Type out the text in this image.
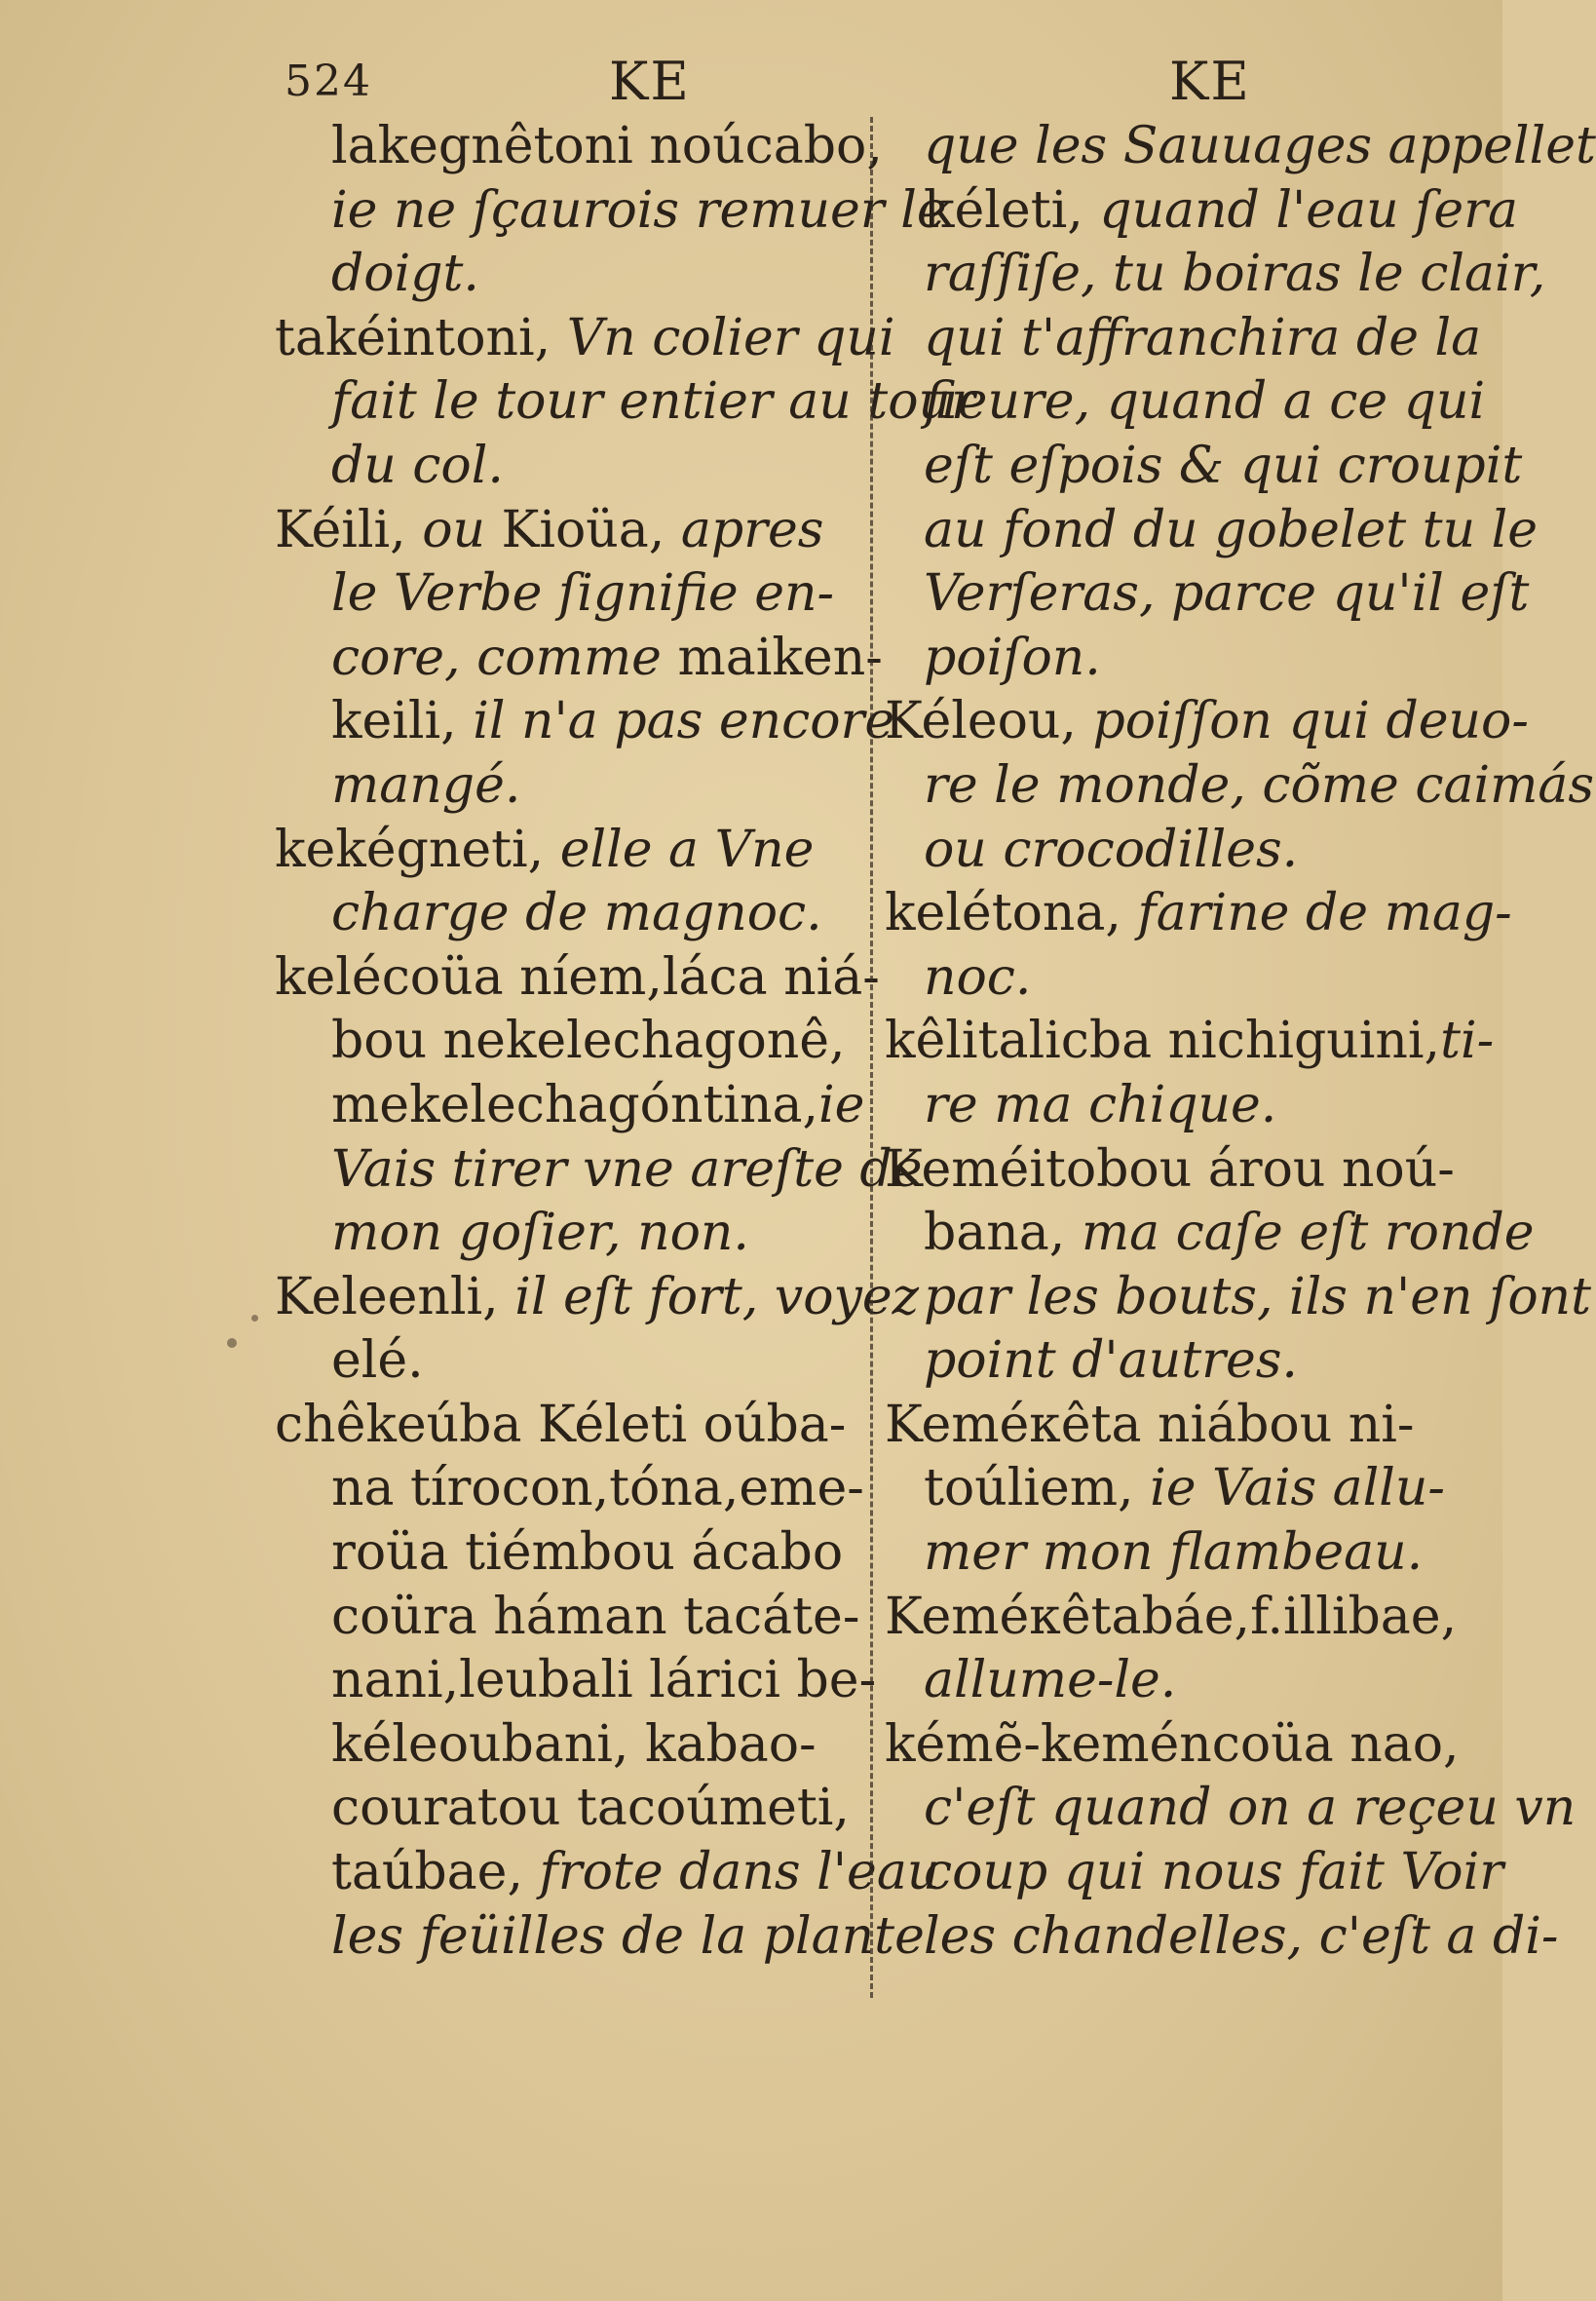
524	KE	KE
lakegnêtoni noúcabo,
ie ne ſçaurois remuer le
doigt.
takéintoni, Vn colier qui
fait le tour entier au tour
du col.
Kéili, ou Kioüa, apres
le Verbe ſignifie en-
core, comme maiken-
keili, il n'a pas encore
mangé.
kekégneti, elle a Vne
charge de magnoc.
kelécoüa níem,láca niá-
bou nekelechagonê,
mekelechagóntina,ie
Vais tirer vne areſte de
mon goſier, non.
Keleenli, il eſt fort, voyez
elé.
chêkeúba Kéleti oúba-
na tírocon,tóna,eme-
roüa tiémbou ácabo
coüra háman tacáte-
nani,leubali lárici be-
kéleoubani, kabao-
couratou tacoúmeti,
taúbae, frote dans l'eau
les feüilles de la plante
que les Sauuages appellet
kéleti, quand l'eau ſera
raſſiſe, tu boiras le clair,
qui t'affranchira de la
fieure, quand a ce qui
eſt eſpois & qui croupit
au fond du gobelet tu le
Verſeras, parce qu'il eſt
poiſon.
Kéleou, poiſſon qui deuo-
re le monde, cõme caimás
ou crocodilles.
kelétona, farine de mag-
noc.
kêlitalicba nichiguini,ti-
re ma chique.
Keméitobou árou noú-
bana, ma caſe eſt ronde
par les bouts, ils n'en ſont
point d'autres.
Keméкêta niábou ni-
toúliem, ie Vais allu-
mer mon flambeau.
Keméкêtabáe,f.illibae,
allume-le.
kémẽ-keméncoüa nao,
c'eſt quand on a reçeu vn
coup qui nous fait Voir
les chandelles, c'eſt a di-
